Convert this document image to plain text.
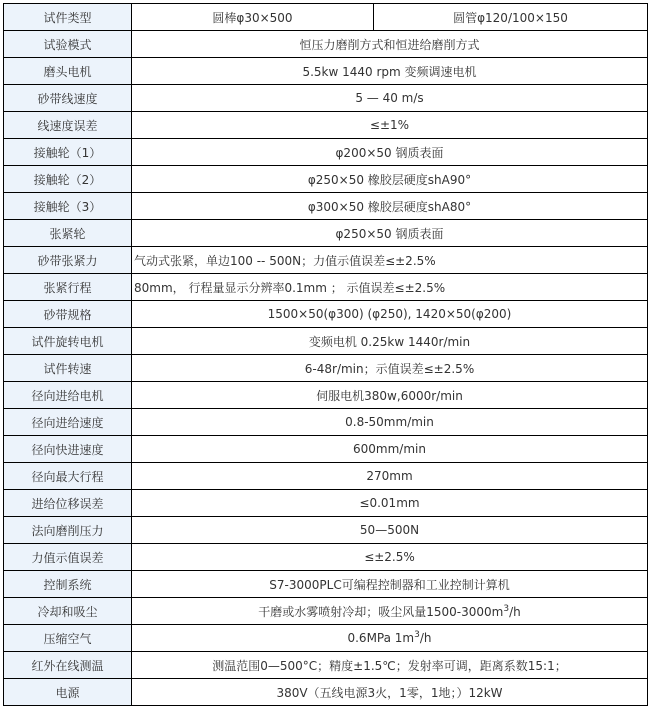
试件类型	圆棒φ30×500	圆管φ120/100×150
试验模式	恒压力磨削方式和恒进给磨削方式	
磨头电机	5.5kw 1440 rpm 变频调速电机	
砂带线速度	5 — 40 m/s	
线速度误差	≤±1%	
接触轮（1）	φ200×50 钢质表面	
接触轮（2）	φ250×50 橡胶层硬度shA90°	
接触轮（3）	φ300×50 橡胶层硬度shA80°	
张紧轮	φ250×50 钢质表面	
砂带张紧力	气动式张紧，单边100 -- 500N；力值示值误差≤±2.5%	
张紧行程	80mm， 行程量显示分辨率0.1mm ； 示值误差≤±2.5%	
砂带规格	1500×50(φ300) (φ250), 1420×50(φ200)	
试件旋转电机	变频电机 0.25kw 1440r/min	
试件转速	6-48r/min；示值误差≤±2.5%	
径向进给电机	伺服电机380w,6000r/min	
径向进给速度	0.8-50mm/min	
径向快进速度	600mm/min	
径向最大行程	270mm	
进给位移误差	≤0.01mm	
法向磨削压力	50—500N	
力值示值误差	≤±2.5%	
控制系统	S7-3000PLC可编程控制器和工业控制计算机	
冷却和吸尘	干磨或水雾喷射冷却；吸尘风量$1500-3000m^3/h$	
压缩空气	0.6MPa $1m^3/h$	
红外在线测温	测温范围0—500°C；精度±1.5℃；发射率可调，距离系数15:1；	
电源	380V（五线电源3火，1零，1地；）12kW	
